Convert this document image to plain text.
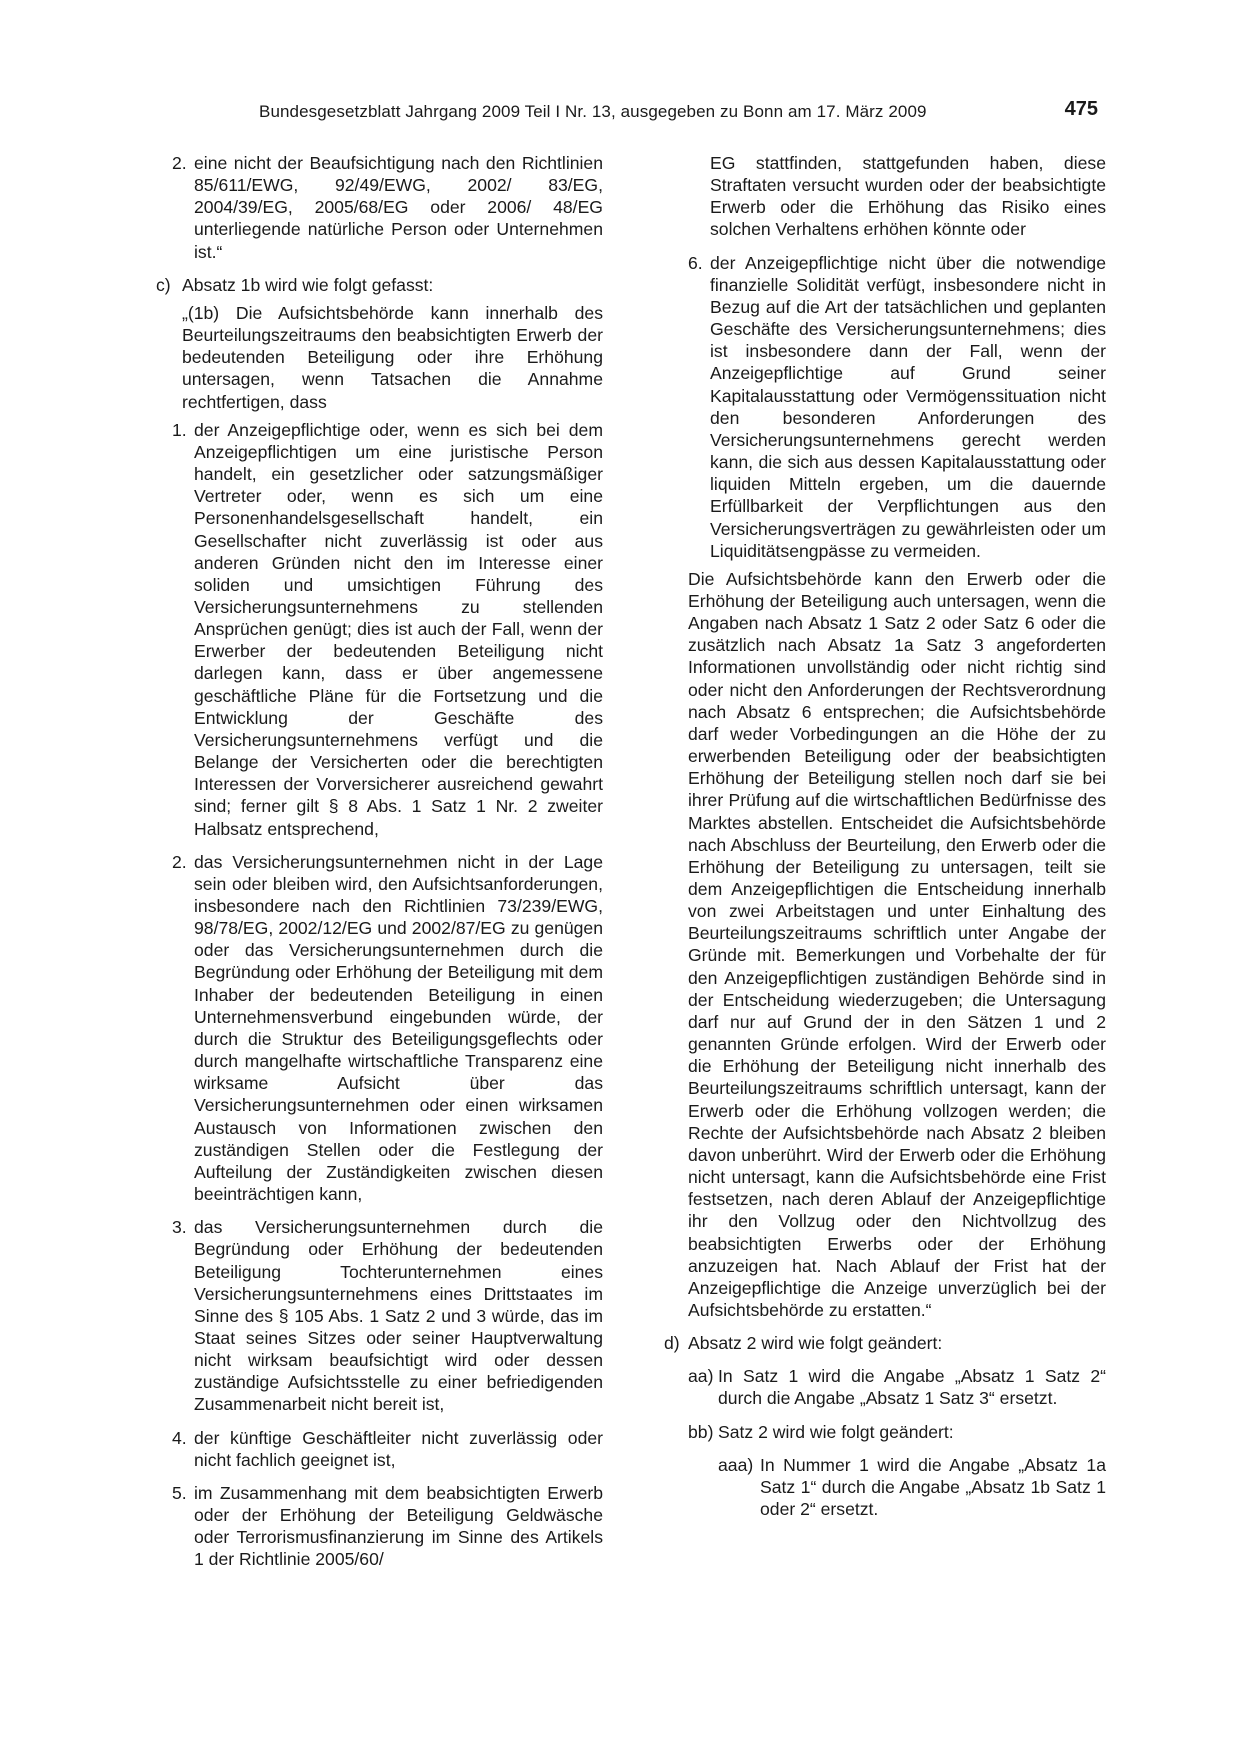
Bundesgesetzblatt Jahrgang 2009 Teil I Nr. 13, ausgegeben zu Bonn am 17. März 2009	475
2. eine nicht der Beaufsichtigung nach den Richtlinien 85/611/EWG, 92/49/EWG, 2002/ 83/EG, 2004/39/EG, 2005/68/EG oder 2006/ 48/EG unterliegende natürliche Person oder Unternehmen ist.“

c) Absatz 1b wird wie folgt gefasst:

„(1b) Die Aufsichtsbehörde kann innerhalb des Beurteilungszeitraums den beabsichtigten Erwerb der bedeutenden Beteiligung oder ihre Erhöhung untersagen, wenn Tatsachen die Annahme rechtfertigen, dass

1. der Anzeigepflichtige oder, wenn es sich bei dem Anzeigepflichtigen um eine juristische Person handelt, ein gesetzlicher oder satzungsmäßiger Vertreter oder, wenn es sich um eine Personenhandelsgesellschaft handelt, ein Gesellschafter nicht zuverlässig ist oder aus anderen Gründen nicht den im Interesse einer soliden und umsichtigen Führung des Versicherungsunternehmens zu stellenden Ansprüchen genügt; dies ist auch der Fall, wenn der Erwerber der bedeutenden Beteiligung nicht darlegen kann, dass er über angemessene geschäftliche Pläne für die Fortsetzung und die Entwicklung der Geschäfte des Versicherungsunternehmens verfügt und die Belange der Versicherten oder die berechtigten Interessen der Vorversicherer ausreichend gewahrt sind; ferner gilt § 8 Abs. 1 Satz 1 Nr. 2 zweiter Halbsatz entsprechend,

2. das Versicherungsunternehmen nicht in der Lage sein oder bleiben wird, den Aufsichtsanforderungen, insbesondere nach den Richtlinien 73/239/EWG, 98/78/EG, 2002/12/EG und 2002/87/EG zu genügen oder das Versicherungsunternehmen durch die Begründung oder Erhöhung der Beteiligung mit dem Inhaber der bedeutenden Beteiligung in einen Unternehmensverbund eingebunden würde, der durch die Struktur des Beteiligungsgeflechts oder durch mangelhafte wirtschaftliche Transparenz eine wirksame Aufsicht über das Versicherungsunternehmen oder einen wirksamen Austausch von Informationen zwischen den zuständigen Stellen oder die Festlegung der Aufteilung der Zuständigkeiten zwischen diesen beeinträchtigen kann,

3. das Versicherungsunternehmen durch die Begründung oder Erhöhung der bedeutenden Beteiligung Tochterunternehmen eines Versicherungsunternehmens eines Drittstaates im Sinne des § 105 Abs. 1 Satz 2 und 3 würde, das im Staat seines Sitzes oder seiner Hauptverwaltung nicht wirksam beaufsichtigt wird oder dessen zuständige Aufsichtsstelle zu einer befriedigenden Zusammenarbeit nicht bereit ist,

4. der künftige Geschäftleiter nicht zuverlässig oder nicht fachlich geeignet ist,

5. im Zusammenhang mit dem beabsichtigten Erwerb oder der Erhöhung der Beteiligung Geldwäsche oder Terrorismusfinanzierung im Sinne des Artikels 1 der Richtlinie 2005/60/

EG stattfinden, stattgefunden haben, diese Straftaten versucht wurden oder der beabsichtigte Erwerb oder die Erhöhung das Risiko eines solchen Verhaltens erhöhen könnte oder

6. der Anzeigepflichtige nicht über die notwendige finanzielle Solidität verfügt, insbesondere nicht in Bezug auf die Art der tatsächlichen und geplanten Geschäfte des Versicherungsunternehmens; dies ist insbesondere dann der Fall, wenn der Anzeigepflichtige auf Grund seiner Kapitalausstattung oder Vermögenssituation nicht den besonderen Anforderungen des Versicherungsunternehmens gerecht werden kann, die sich aus dessen Kapitalausstattung oder liquiden Mitteln ergeben, um die dauernde Erfüllbarkeit der Verpflichtungen aus den Versicherungsverträgen zu gewährleisten oder um Liquiditätsengpässe zu vermeiden.

Die Aufsichtsbehörde kann den Erwerb oder die Erhöhung der Beteiligung auch untersagen, wenn die Angaben nach Absatz 1 Satz 2 oder Satz 6 oder die zusätzlich nach Absatz 1a Satz 3 angeforderten Informationen unvollständig oder nicht richtig sind oder nicht den Anforderungen der Rechtsverordnung nach Absatz 6 entsprechen; die Aufsichtsbehörde darf weder Vorbedingungen an die Höhe der zu erwerbenden Beteiligung oder der beabsichtigten Erhöhung der Beteiligung stellen noch darf sie bei ihrer Prüfung auf die wirtschaftlichen Bedürfnisse des Marktes abstellen. Entscheidet die Aufsichtsbehörde nach Abschluss der Beurteilung, den Erwerb oder die Erhöhung der Beteiligung zu untersagen, teilt sie dem Anzeigepflichtigen die Entscheidung innerhalb von zwei Arbeitstagen und unter Einhaltung des Beurteilungszeitraums schriftlich unter Angabe der Gründe mit. Bemerkungen und Vorbehalte der für den Anzeigepflichtigen zuständigen Behörde sind in der Entscheidung wiederzugeben; die Untersagung darf nur auf Grund der in den Sätzen 1 und 2 genannten Gründe erfolgen. Wird der Erwerb oder die Erhöhung der Beteiligung nicht innerhalb des Beurteilungszeitraums schriftlich untersagt, kann der Erwerb oder die Erhöhung vollzogen werden; die Rechte der Aufsichtsbehörde nach Absatz 2 bleiben davon unberührt. Wird der Erwerb oder die Erhöhung nicht untersagt, kann die Aufsichtsbehörde eine Frist festsetzen, nach deren Ablauf der Anzeigepflichtige ihr den Vollzug oder den Nichtvollzug des beabsichtigten Erwerbs oder der Erhöhung anzuzeigen hat. Nach Ablauf der Frist hat der Anzeigepflichtige die Anzeige unverzüglich bei der Aufsichtsbehörde zu erstatten.“

d) Absatz 2 wird wie folgt geändert:

aa) In Satz 1 wird die Angabe „Absatz 1 Satz 2“ durch die Angabe „Absatz 1 Satz 3“ ersetzt.

bb) Satz 2 wird wie folgt geändert:

aaa) In Nummer 1 wird die Angabe „Absatz 1a Satz 1“ durch die Angabe „Absatz 1b Satz 1 oder 2“ ersetzt.
